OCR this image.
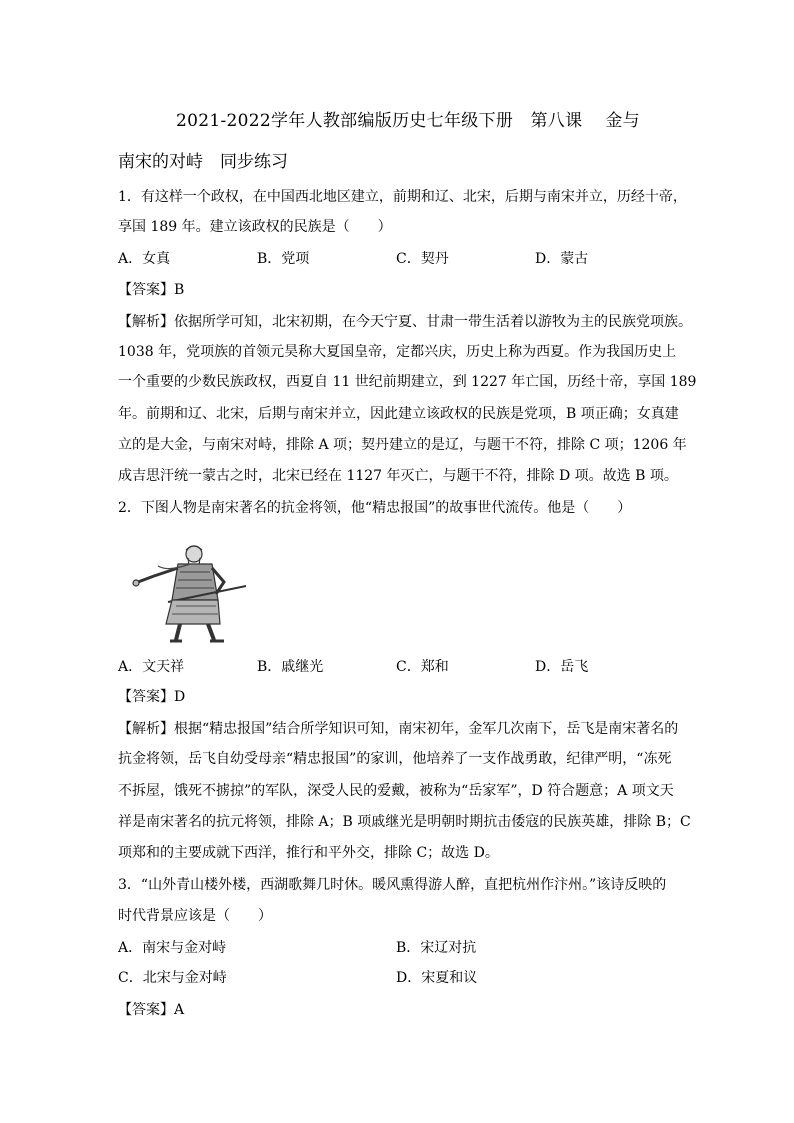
2021-2022学年人教部编版历史七年级下册　第八课　 金与
南宋的对峙　同步练习
1．有这样一个政权，在中国西北地区建立，前期和辽、北宋，后期与南宋并立，历经十帝，
享国 189 年。建立该政权的民族是（　　）
A．女真	B．党项	C．契丹	D．蒙古
【答案】B
【解析】依据所学可知，北宋初期，在今天宁夏、甘肃一带生活着以游牧为主的民族党项族。
1038 年，党项族的首领元昊称大夏国皇帝，定都兴庆，历史上称为西夏。作为我国历史上
一个重要的少数民族政权，西夏自 11 世纪前期建立，到 1227 年亡国，历经十帝，享国 189
年。前期和辽、北宋，后期与南宋并立，因此建立该政权的民族是党项，B 项正确；女真建
立的是大金，与南宋对峙，排除 A 项；契丹建立的是辽，与题干不符，排除 C 项；1206 年
成吉思汗统一蒙古之时，北宋已经在 1127 年灭亡，与题干不符，排除 D 项。故选 B 项。
2．下图人物是南宋著名的抗金将领，他“精忠报国”的故事世代流传。他是（　　）
A．文天祥	B．戚继光	C．郑和	D．岳飞
【答案】D
【解析】根据“精忠报国”结合所学知识可知，南宋初年，金军几次南下，岳飞是南宋著名的
抗金将领，岳飞自幼受母亲“精忠报国”的家训，他培养了一支作战勇敢，纪律严明，“冻死
不拆屋，饿死不掳掠”的军队，深受人民的爱戴，被称为“岳家军”，D 符合题意；A 项文天
祥是南宋著名的抗元将领，排除 A；B 项戚继光是明朝时期抗击倭寇的民族英雄，排除 B；C
项郑和的主要成就下西洋，推行和平外交，排除 C；故选 D。
3．“山外青山楼外楼，西湖歌舞几时休。暖风熏得游人醉，直把杭州作汴州。”该诗反映的
时代背景应该是（　　）
A．南宋与金对峙	B．宋辽对抗
C．北宋与金对峙	D．宋夏和议
【答案】A
